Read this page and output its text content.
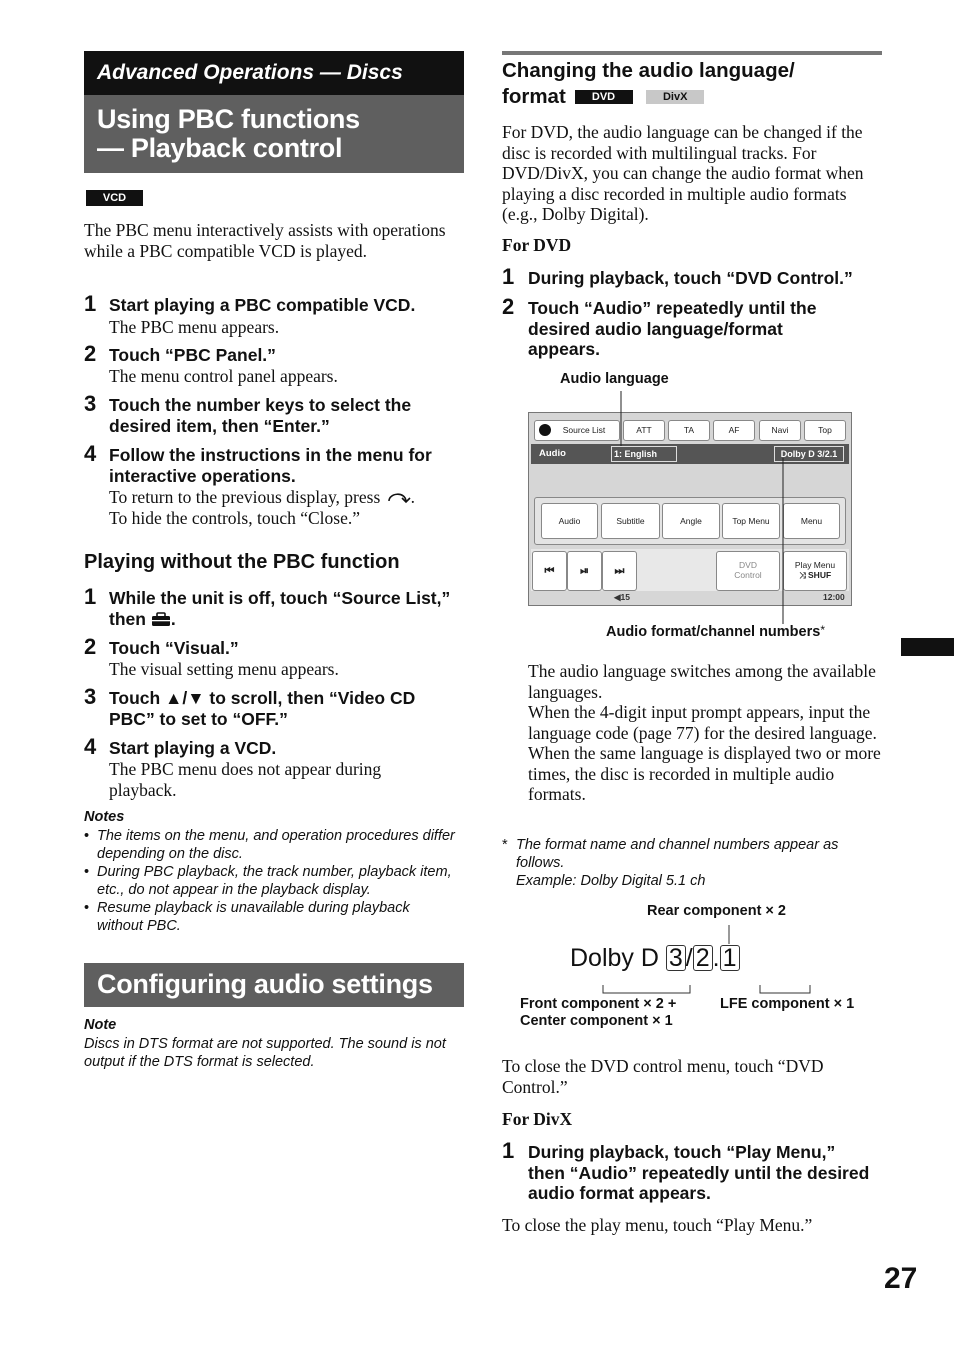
Advanced Operations — Discs
Using PBC functions
— Playback control
VCD
The PBC menu interactively assists with operations while a PBC compatible VCD is played.
1 Start playing a PBC compatible VCD.
The PBC menu appears.
2 Touch “PBC Panel.”
The menu control panel appears.
3 Touch the number keys to select the desired item, then “Enter.”
4 Follow the instructions in the menu for interactive operations.
To return to the previous display, press .
To hide the controls, touch “Close.”
Playing without the PBC function
1 While the unit is off, touch “Source List,” then .
2 Touch “Visual.”
The visual setting menu appears.
3 Touch ▲/▼ to scroll, then “Video CD PBC” to set to “OFF.”
4 Start playing a VCD.
The PBC menu does not appear during playback.
Notes
• The items on the menu, and operation procedures differ depending on the disc.
• During PBC playback, the track number, playback item, etc., do not appear in the playback display.
• Resume playback is unavailable during playback without PBC.
Configuring audio settings
Note
Discs in DTS format are not supported. The sound is not output if the DTS format is selected.
Changing the audio language/
format DVD	DivX
For DVD, the audio language can be changed if the disc is recorded with multilingual tracks. For DVD/DivX, you can change the audio format when playing a disc recorded in multiple audio formats (e.g., Dolby Digital).
For DVD
1 During playback, touch “DVD Control.”
2 Touch “Audio” repeatedly until the desired audio language/format appears.
Audio language
Source List	ATT	TA	AF	Navi	Top
Audio	1: English	Dolby D 3/2.1
Audio	Subtitle	Angle	Top Menu	Menu
⏮	⏯	⏭	DVD
Control
Play Menu
⤨ SHUF
◀15	12:00
Audio format/channel numbers*
The audio language switches among the available languages.
When the 4-digit input prompt appears, input the language code (page 77) for the desired language.
When the same language is displayed two or more times, the disc is recorded in multiple audio formats.
* The format name and channel numbers appear as follows.
Example: Dolby Digital 5.1 ch
Rear component × 2
Dolby D 3 / 2 . 1
Front component × 2 +
Center component × 1
LFE component × 1
To close the DVD control menu, touch “DVD Control.”
For DivX
1 During playback, touch “Play Menu,” then “Audio” repeatedly until the desired audio format appears.
To close the play menu, touch “Play Menu.”
27
